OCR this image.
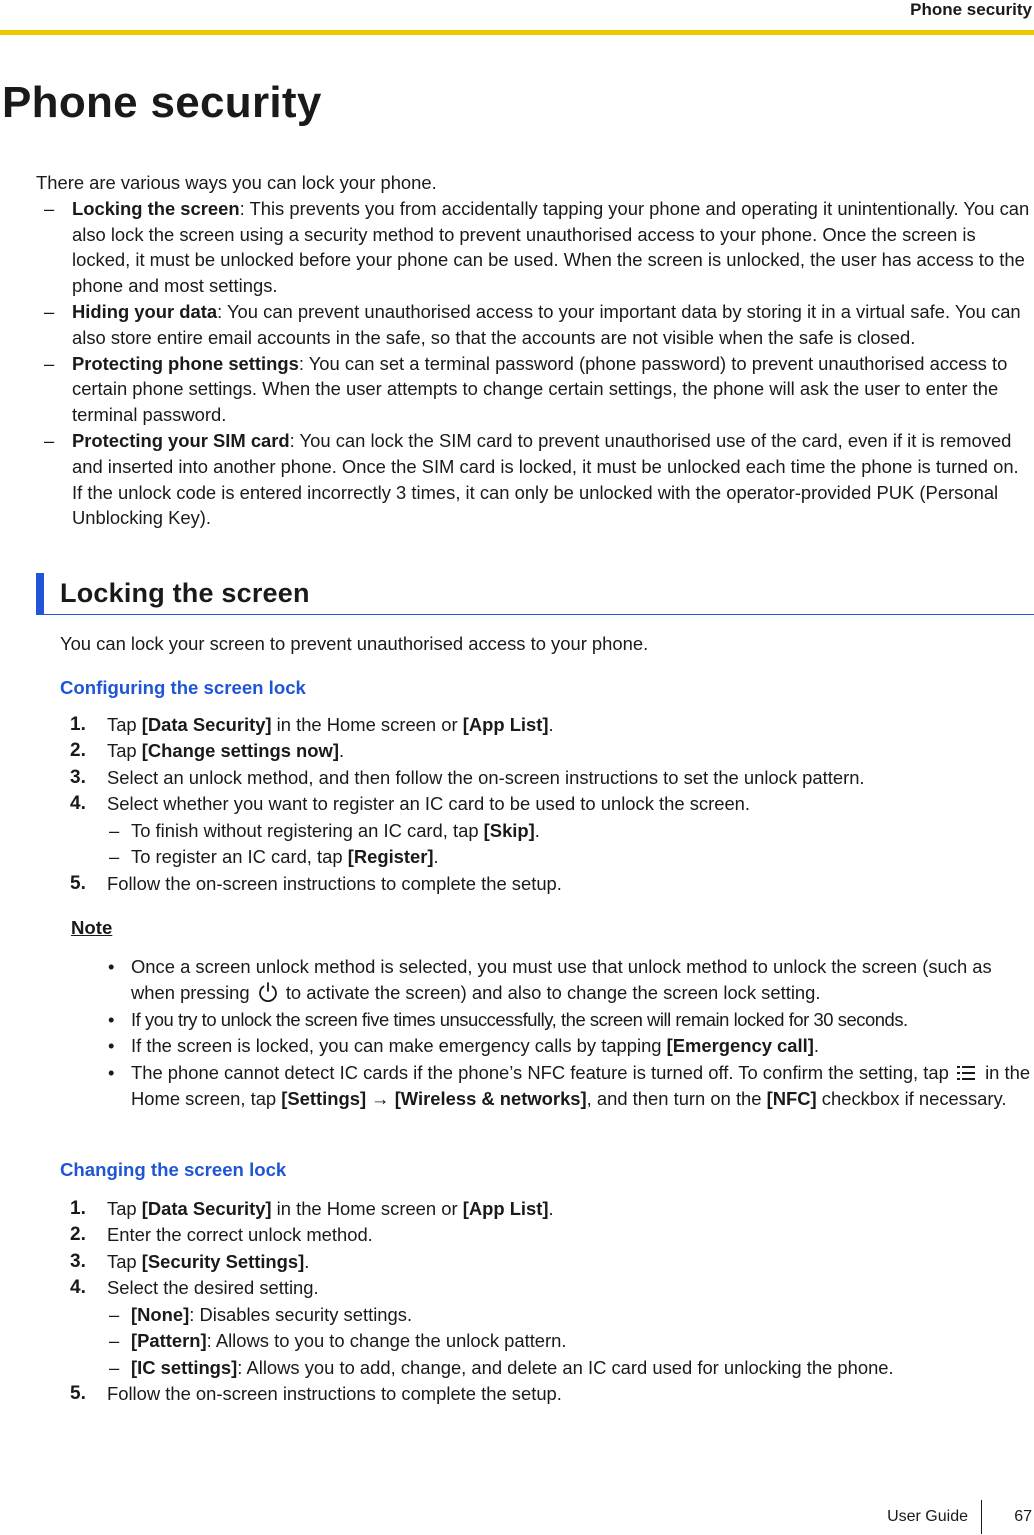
Phone security
Phone security

There are various ways you can lock your phone.

– Locking the screen: This prevents you from accidentally tapping your phone and operating it unintentionally. You can also lock the screen using a security method to prevent unauthorised access to your phone. Once the screen is locked, it must be unlocked before your phone can be used. When the screen is unlocked, the user has access to the phone and most settings.
– Hiding your data: You can prevent unauthorised access to your important data by storing it in a virtual safe. You can also store entire email accounts in the safe, so that the accounts are not visible when the safe is closed.
– Protecting phone settings: You can set a terminal password (phone password) to prevent unauthorised access to certain phone settings. When the user attempts to change certain settings, the phone will ask the user to enter the terminal password.
– Protecting your SIM card: You can lock the SIM card to prevent unauthorised use of the card, even if it is removed and inserted into another phone. Once the SIM card is locked, it must be unlocked each time the phone is turned on. If the unlock code is entered incorrectly 3 times, it can only be unlocked with the operator-provided PUK (Personal Unblocking Key).
Locking the screen

You can lock your screen to prevent unauthorised access to your phone.

Configuring the screen lock

1. Tap [Data Security] in the Home screen or [App List].
2. Tap [Change settings now].
3. Select an unlock method, and then follow the on-screen instructions to set the unlock pattern.
4. Select whether you want to register an IC card to be used to unlock the screen.
– To finish without registering an IC card, tap [Skip].
– To register an IC card, tap [Register].
5. Follow the on-screen instructions to complete the setup.

Note

• Once a screen unlock method is selected, you must use that unlock method to unlock the screen (such as when pressing  to activate the screen) and also to change the screen lock setting.
• If you try to unlock the screen five times unsuccessfully, the screen will remain locked for 30 seconds.
• If the screen is locked, you can make emergency calls by tapping [Emergency call].
• The phone cannot detect IC cards if the phone’s NFC feature is turned off. To confirm the setting, tap  in the Home screen, tap [Settings] → [Wireless & networks], and then turn on the [NFC] checkbox if necessary.

Changing the screen lock

1. Tap [Data Security] in the Home screen or [App List].
2. Enter the correct unlock method.
3. Tap [Security Settings].
4. Select the desired setting.
– [None]: Disables security settings.
– [Pattern]: Allows to you to change the unlock pattern.
– [IC settings]: Allows you to add, change, and delete an IC card used for unlocking the phone.
5. Follow the on-screen instructions to complete the setup.
User Guide	67
